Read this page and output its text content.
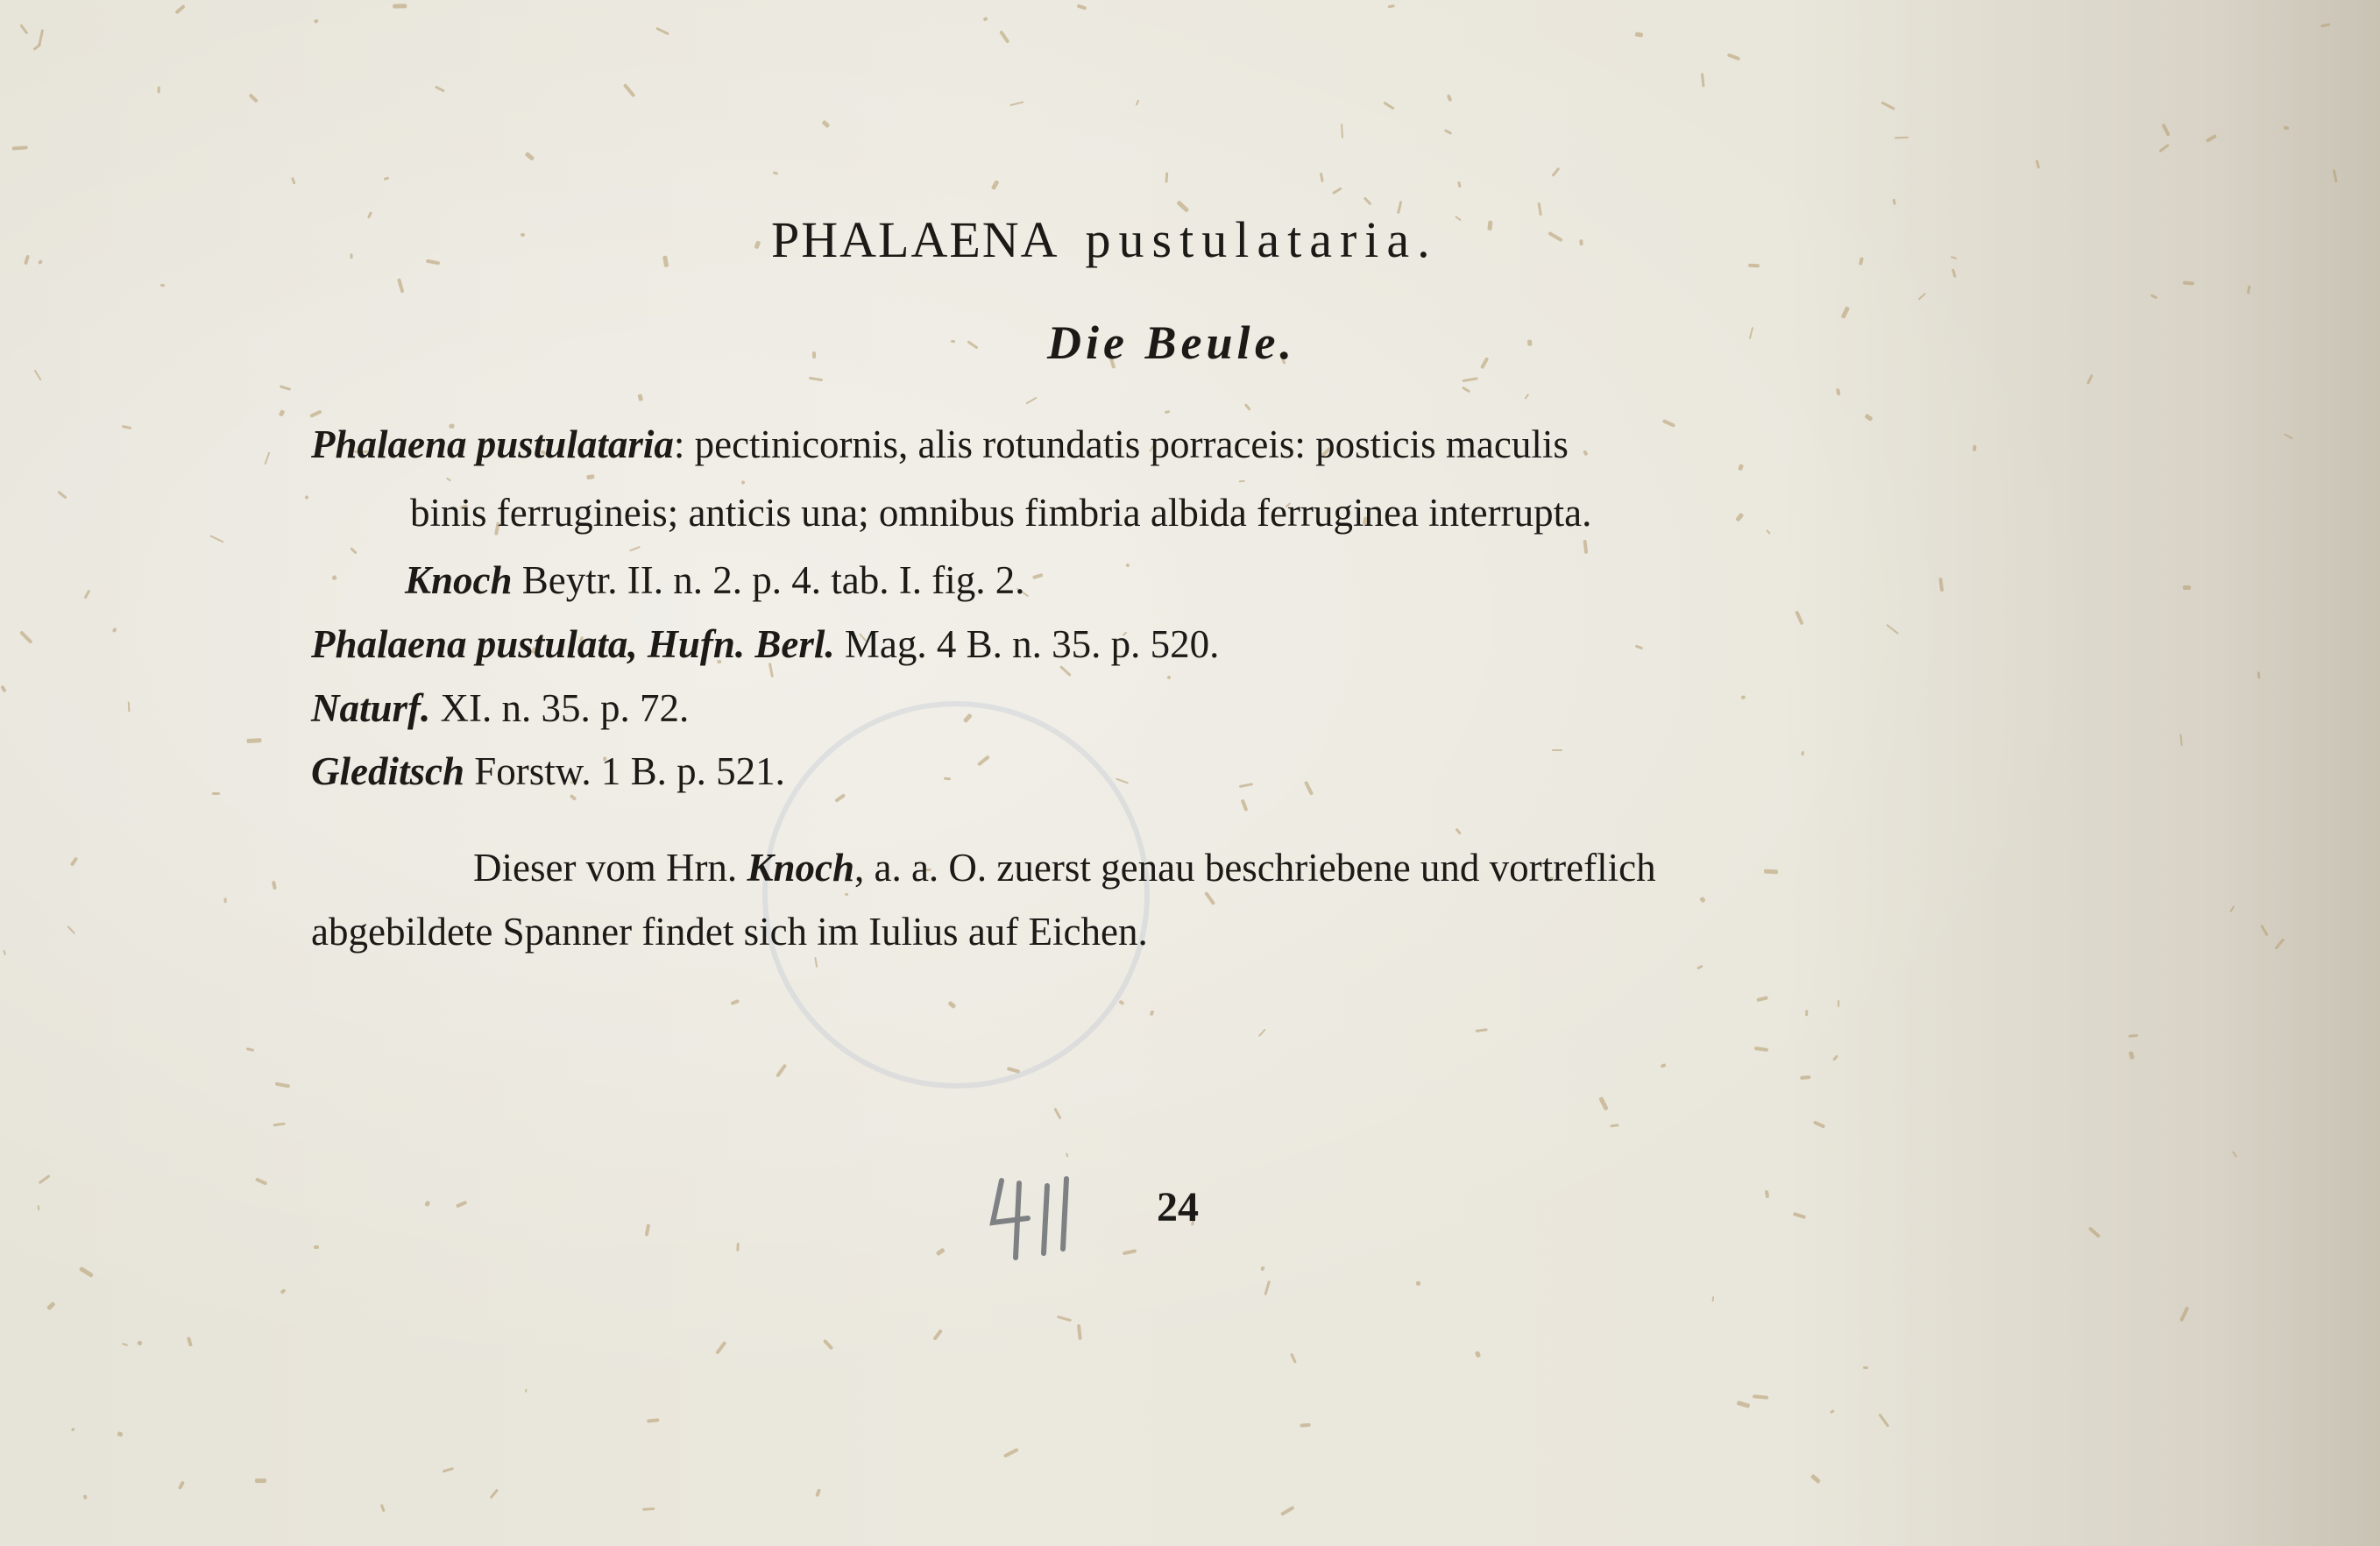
PHALAENA pustulataria.
Die Beule.
Phalaena pustulataria: pectinicornis, alis rotundatis porraceis: posticis maculis
binis ferrugineis; anticis una; omnibus fimbria albida ferruginea interrupta.
Knoch Beytr. II. n. 2. p. 4. tab. I. fig. 2.
Phalaena pustulata, Hufn. Berl. Mag. 4 B. n. 35. p. 520.
Naturf. XI. n. 35. p. 72.
Gleditsch Forstw. 1 B. p. 521.
Dieser vom Hrn. Knoch, a. a. O. zuerst genau beschriebene und vortreflich
abgebildete Spanner findet sich im Iulius auf Eichen.
24
